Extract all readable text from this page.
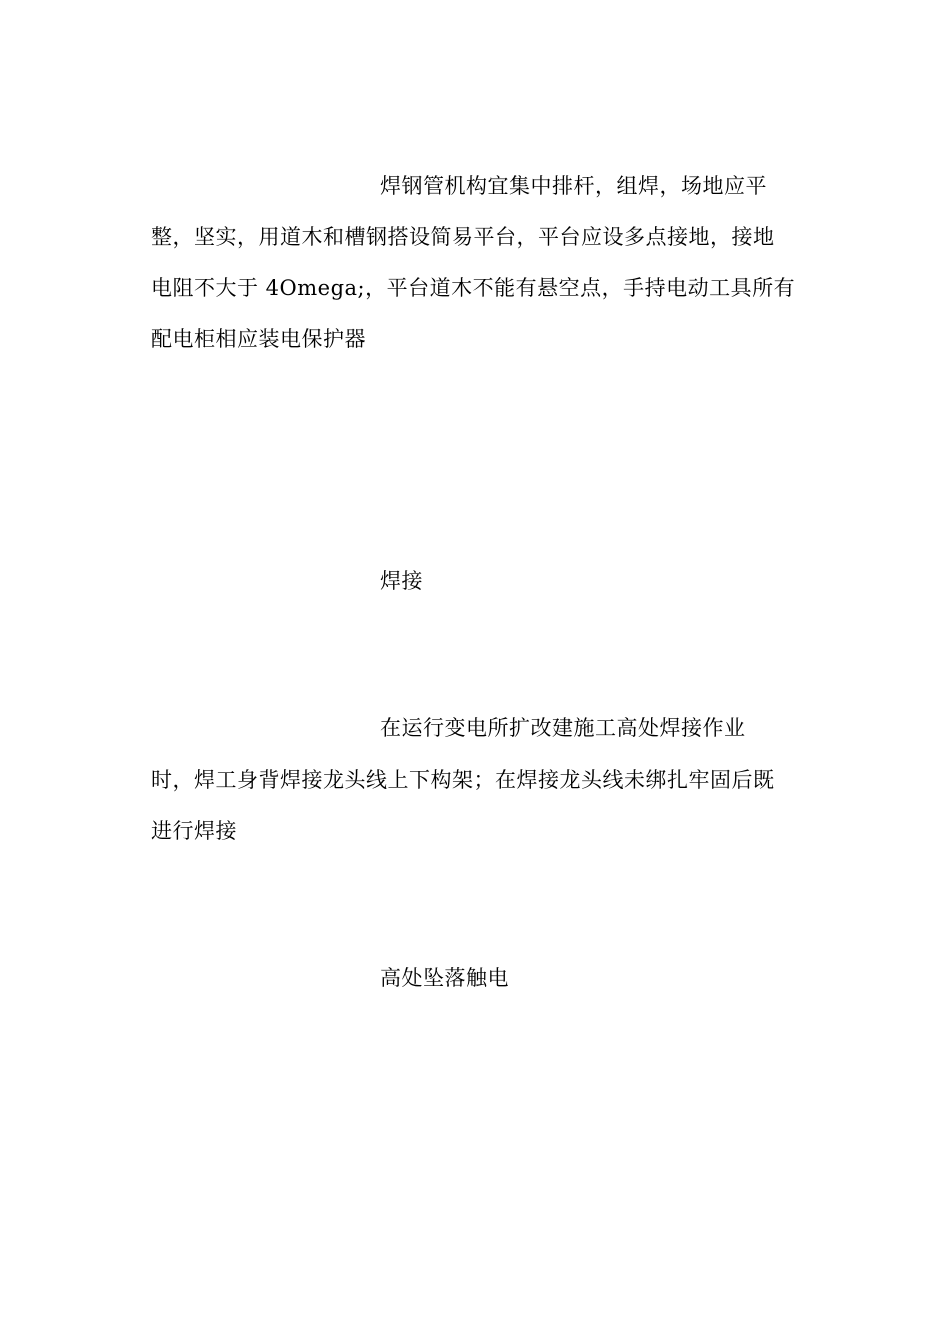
焊钢管机构宜集中排杆，组焊，场地应平
整，坚实，用道木和槽钢搭设简易平台，平台应设多点接地，接地
电阻不大于 4Omega;，平台道木不能有悬空点，手持电动工具所有
配电柜相应装电保护器
焊接
在运行变电所扩改建施工高处焊接作业
时，焊工身背焊接龙头线上下构架；在焊接龙头线未绑扎牢固后既
进行焊接
高处坠落触电
